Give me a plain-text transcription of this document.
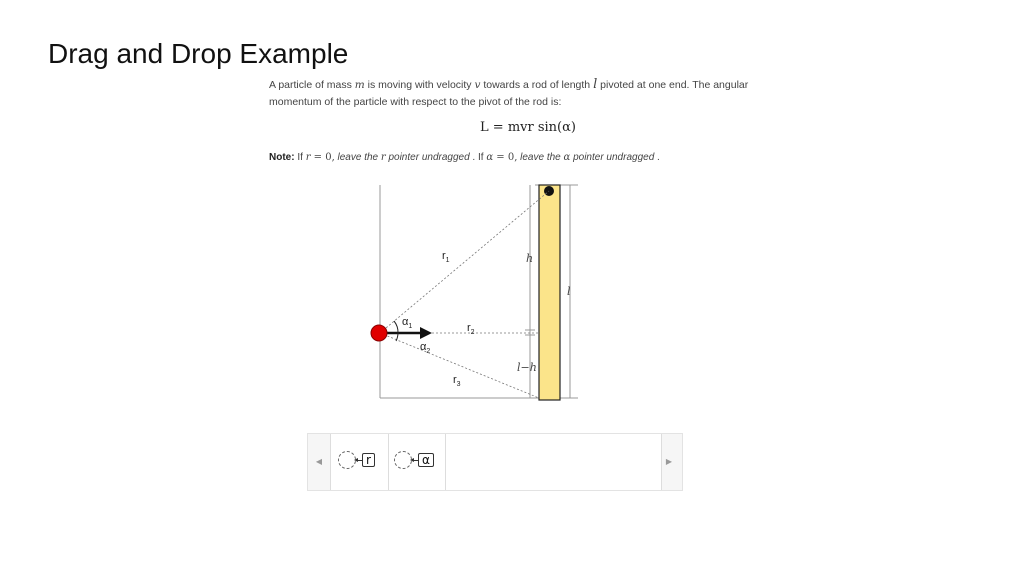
Drag and Drop Example
A particle of mass m is moving with velocity v towards a rod of length l pivoted at one end. The angular momentum of the particle with respect to the pivot of the rod is:
L = mvr sin(α)
Note: If r = 0, leave the r pointer undragged . If α = 0, leave the α pointer undragged .
$r_1$
$r_2$
$r_3$
$\alpha_1$
$\alpha_2$
h
l
l−h
◀	r	α	▶
